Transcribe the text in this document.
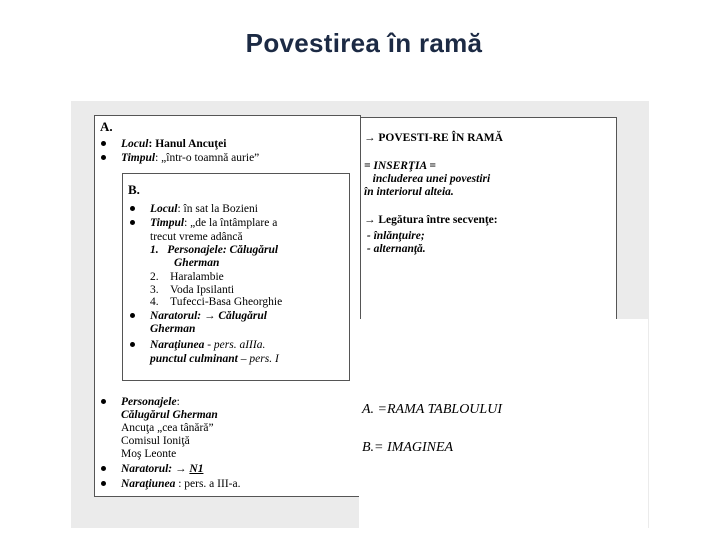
Povestirea în ramă
A.
Locul: Hanul Ancuţei
Timpul: „într-o toamnă aurie”
B.
Locul: în sat la Bozieni
Timpul: „de la întâmplare a
trecut vreme adâncă
1. Personajele: Călugărul
Gherman
2. Haralambie
3. Voda Ipsilanti
4. Tufecci-Basa Gheorghie
Naratorul: → Călugărul
Gherman
Naraţiunea - pers. aIIIa.
punctul culminant – pers. I
Personajele:
Călugărul Gherman
Ancuţa „cea tânără”
Comisul Ioniţă
Moş Leonte
Naratorul: → N1
Naraţiunea : pers. a III-a.
→ POVESTI-RE ÎN RAMĂ
= INSERŢIA =
includerea unei povestiri
în interiorul alteia.
→ Legătura între secvenţe:
- înlănţuire;
- alternanţă.
A. =RAMA TABLOULUI
B.= IMAGINEA
